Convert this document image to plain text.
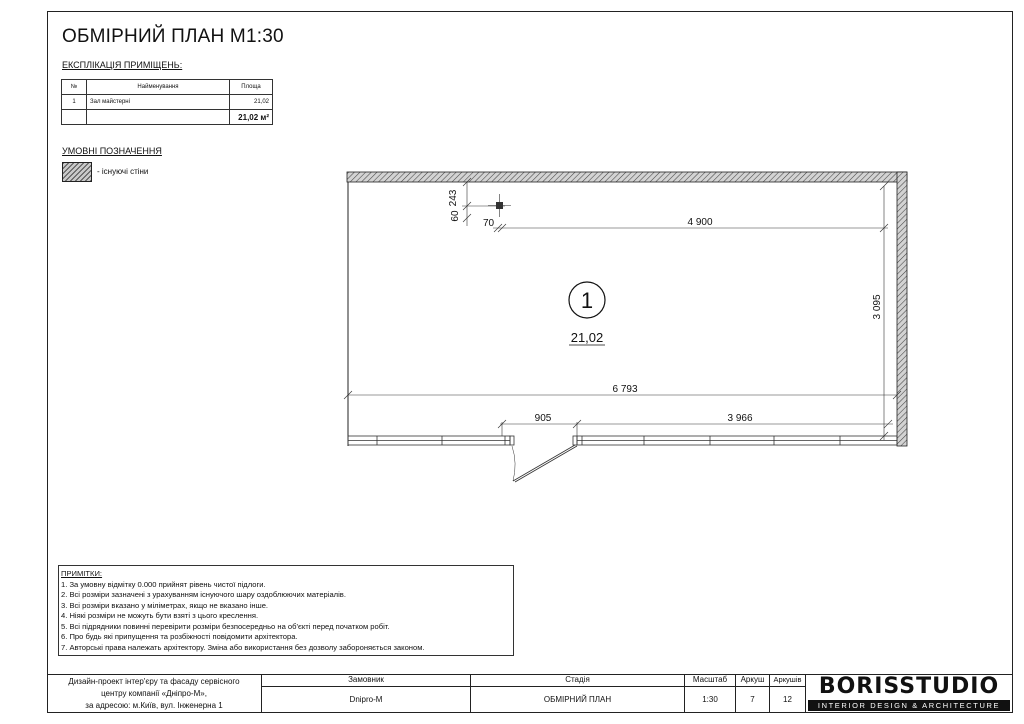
ОБМІРНИЙ ПЛАН М1:30
ЕКСПЛІКАЦІЯ ПРИМІЩЕНЬ:
№	Найменування	Площа
1	Зал майстерні	21,02
		21,02 м²
УМОВНІ ПОЗНАЧЕННЯ
- існуючі стіни
243
60
70	4 900
3 095
6 793
905	3 966
1
21,02
ПРИМІТКИ:
1. За умовну відмітку 0.000 прийнят рівень чистої підлоги.
2. Всі розміри зазначені з урахуванням існуючого шару оздоблюючих матеріалів.
3. Всі розміри вказано у міліметрах, якщо не вказано інше.
4. Ніякі розміри не можуть бути взяті з цього креслення.
5. Всі підрядники повинні перевірити розміри безпосередньо на об'єкті перед початком робіт.
6. Про будь які припущення та розбіжності повідомити архітектора.
7. Авторські права належать архітектору. Зміна або використання без дозволу забороняється законом.
Дизайн-проект інтер'єру та фасаду сервісного
центру компанії «Дніпро-М»,
за адресою: м.Київ, вул. Інженерна 1
Замовник
Dnipro-M
Стадія
ОБМІРНИЙ ПЛАН
Масштаб
1:30
Аркуш
7
Аркушів
12
BORISSTUDIO
INTERIOR DESIGN & ARCHITECTURE
